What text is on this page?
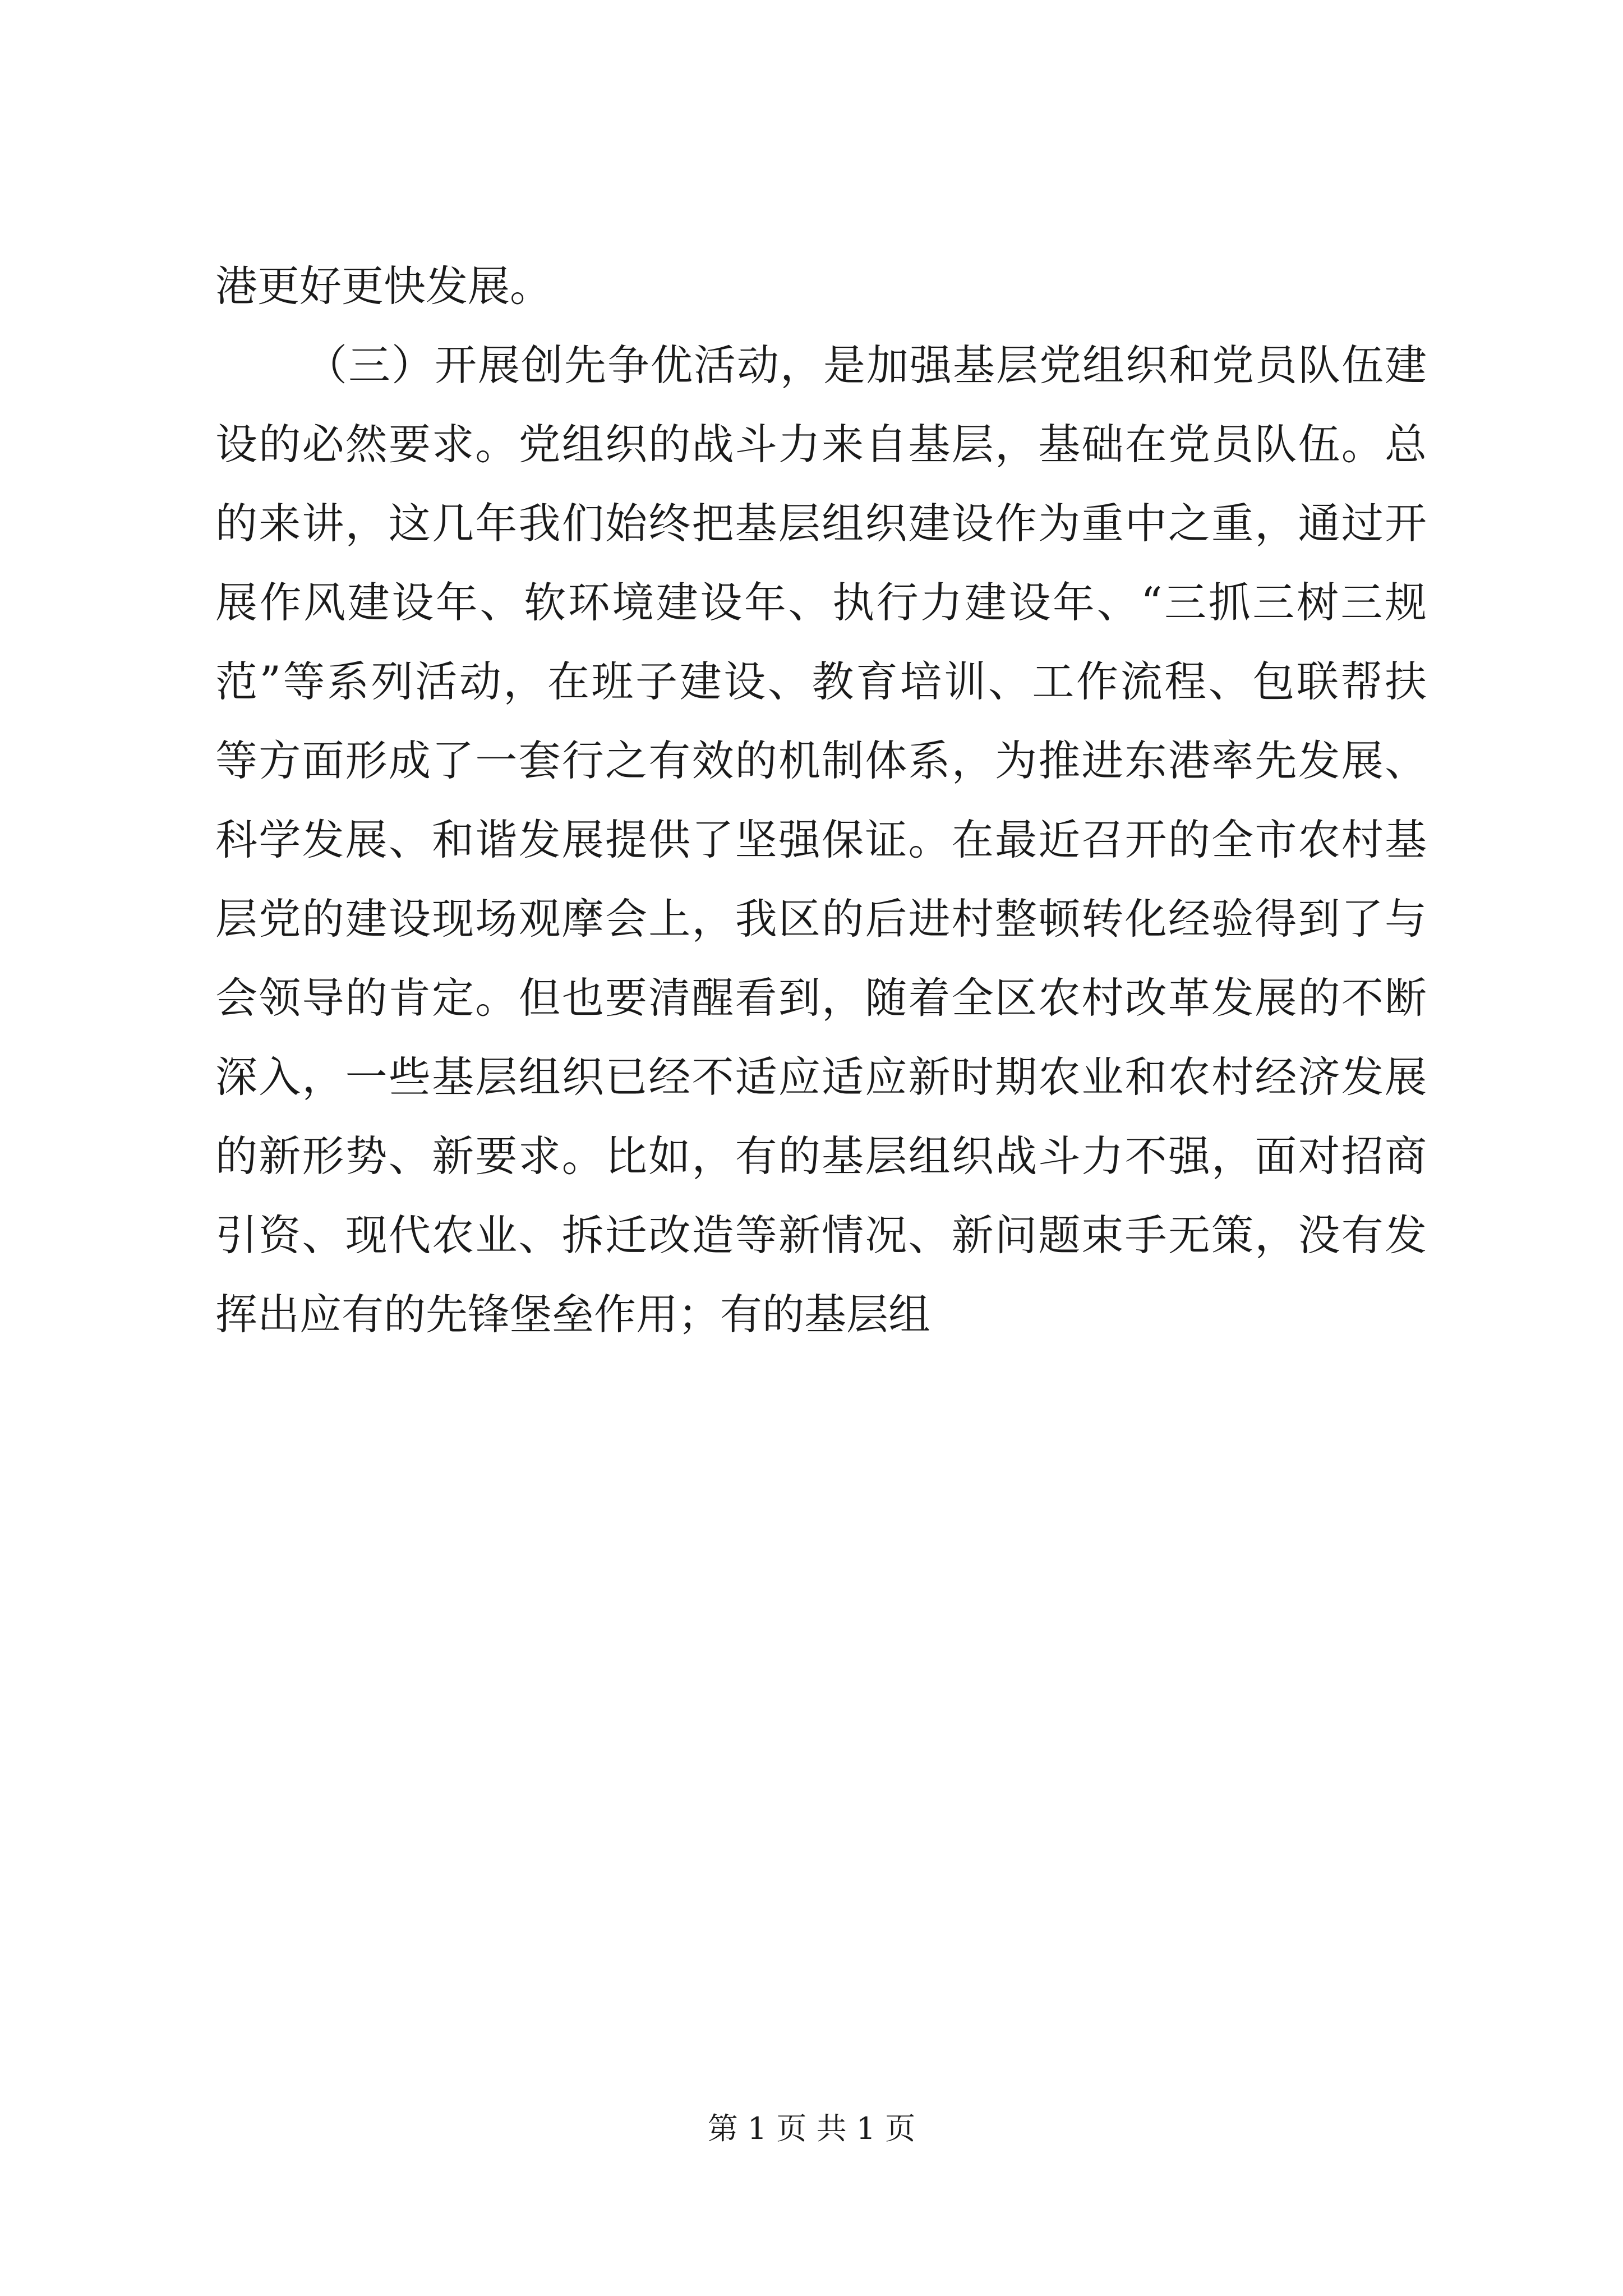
港更好更快发展。
（三）开展创先争优活动，是加强基层党组织和党员队伍建
设的必然要求。党组织的战斗力来自基层，基础在党员队伍。总
的来讲，这几年我们始终把基层组织建设作为重中之重，通过开
展作风建设年、软环境建设年、执行力建设年、“三抓三树三规
范”等系列活动，在班子建设、教育培训、工作流程、包联帮扶
等方面形成了一套行之有效的机制体系，为推进东港率先发展、
科学发展、和谐发展提供了坚强保证。在最近召开的全市农村基
层党的建设现场观摩会上，我区的后进村整顿转化经验得到了与
会领导的肯定。但也要清醒看到，随着全区农村改革发展的不断
深入，一些基层组织已经不适应适应新时期农业和农村经济发展
的新形势、新要求。比如，有的基层组织战斗力不强，面对招商
引资、现代农业、拆迁改造等新情况、新问题束手无策，没有发
挥出应有的先锋堡垒作用；有的基层组
第 1 页 共 1 页
